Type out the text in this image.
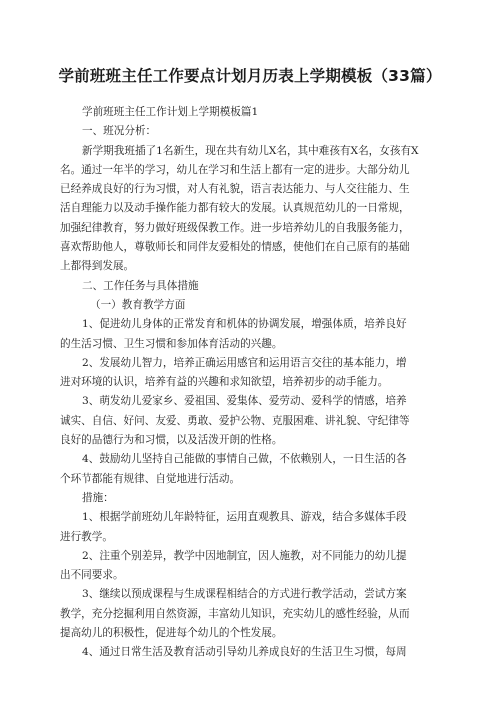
学前班班主任工作要点计划月历表上学期模板（33篇）

学前班班主任工作计划上学期模板篇1

一、班况分析：

新学期我班插了1名新生，现在共有幼儿X名，其中难孩有X名，女孩有X

名。通过一年半的学习，幼儿在学习和生活上都有一定的进步。大部分幼儿

已经养成良好的行为习惯，对人有礼貌，语言表达能力、与人交往能力、生

活自理能力以及动手操作能力都有较大的发展。认真规范幼儿的一日常规，

加强纪律教育，努力做好班级保教工作。进一步培养幼儿的自我服务能力，

喜欢帮助他人，尊敬师长和同伴友爱相处的情感，使他们在自己原有的基础

上都得到发展。

二、工作任务与具体措施

（一）教育教学方面

1、促进幼儿身体的正常发育和机体的协调发展，增强体质，培养良好

的生活习惯、卫生习惯和参加体育活动的兴趣。

2、发展幼儿智力，培养正确运用感官和运用语言交往的基本能力，增

进对环境的认识，培养有益的兴趣和求知欲望，培养初步的动手能力。

3、萌发幼儿爱家乡、爱祖国、爱集体、爱劳动、爱科学的情感，培养

诚实、自信、好问、友爱、勇敢、爱护公物、克服困难、讲礼貌、守纪律等

良好的品德行为和习惯，以及活泼开朗的性格。

4、鼓励幼儿坚持自己能做的事情自己做，不依赖别人，一日生活的各

个环节都能有规律、自觉地进行活动。

措施：

1、根据学前班幼儿年龄特征，运用直观教具、游戏，结合多媒体手段

进行教学。

2、注重个别差异，教学中因地制宜，因人施教，对不同能力的幼儿提

出不同要求。

3、继续以预成课程与生成课程相结合的方式进行教学活动，尝试方案

教学，充分挖掘利用自然资源，丰富幼儿知识，充实幼儿的感性经验，从而

提高幼儿的积极性，促进每个幼儿的个性发展。

4、通过日常生活及教育活动引导幼儿养成良好的生活卫生习惯，每周
